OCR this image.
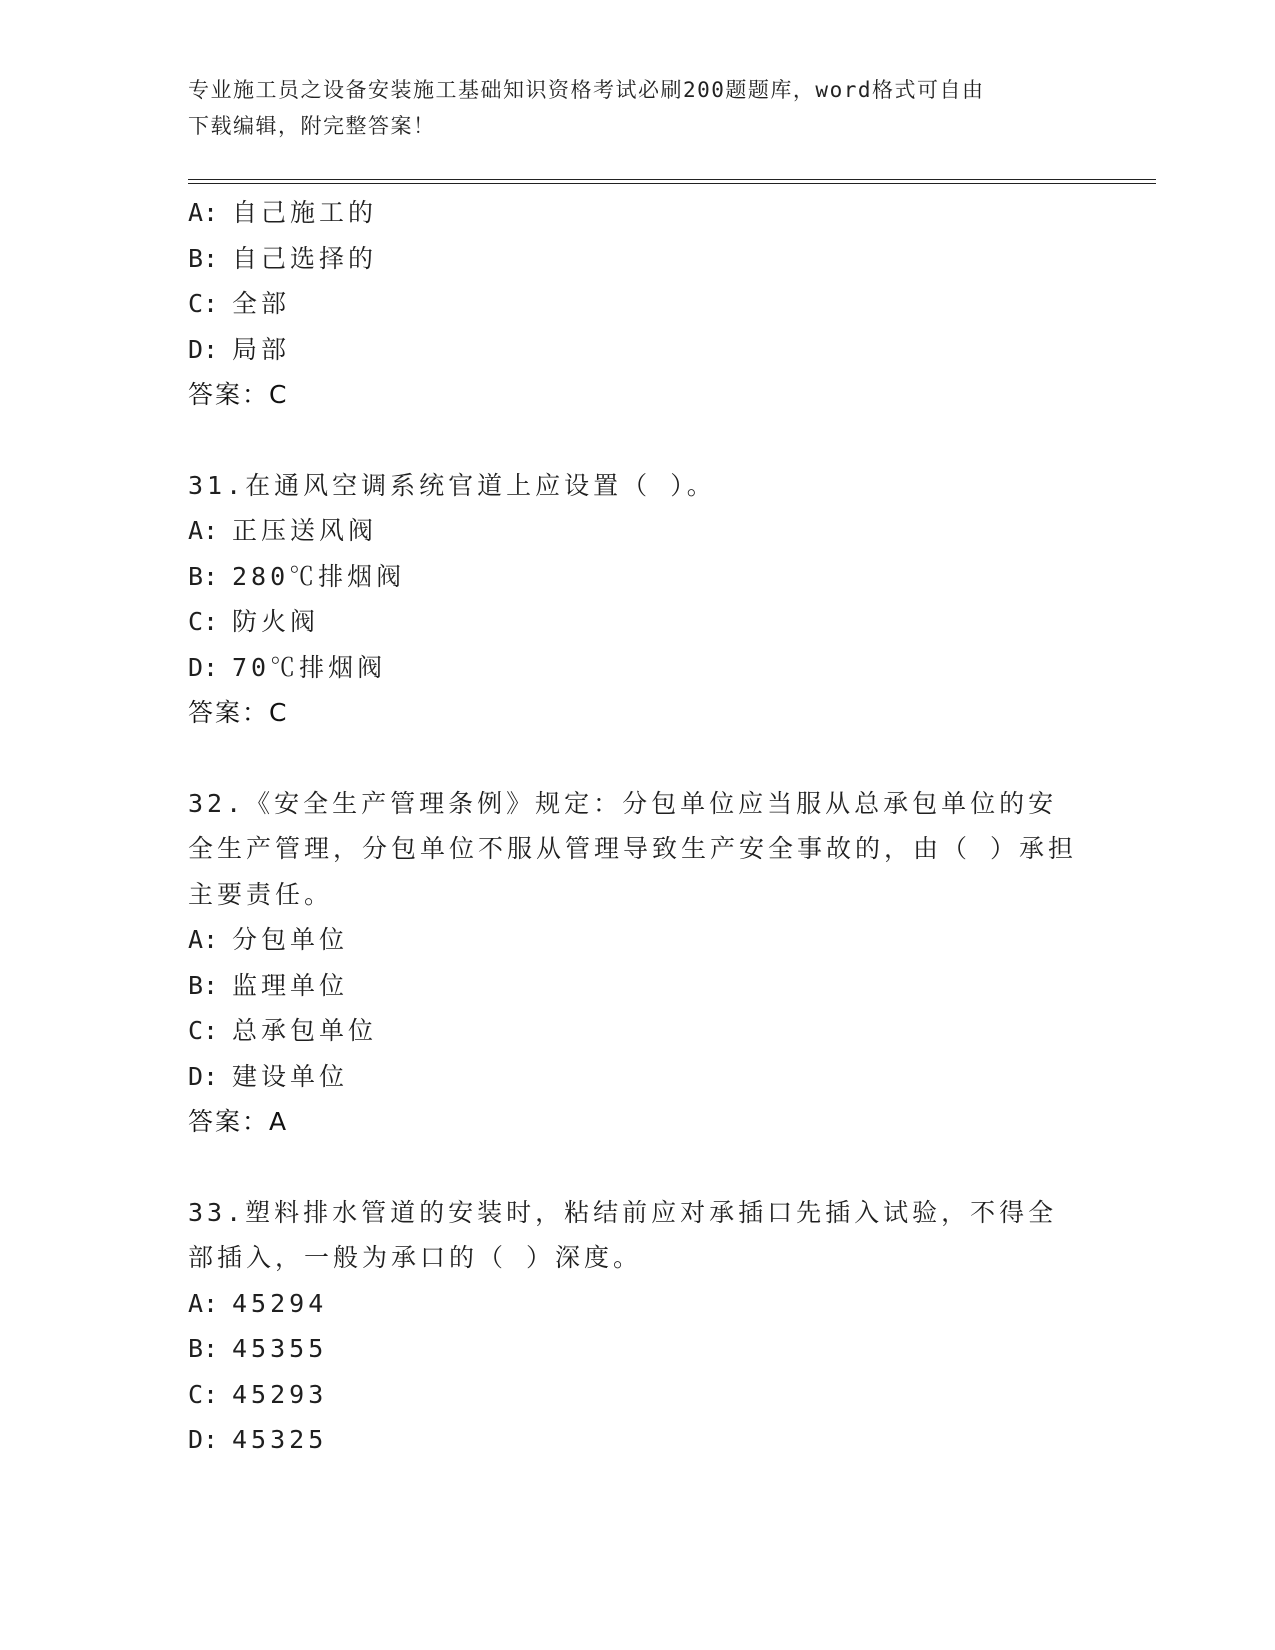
专业施工员之设备安装施工基础知识资格考试必刷200题题库，word格式可自由
下载编辑，附完整答案！
A: 自己施工的
B: 自己选择的
C: 全部
D: 局部
答案：C
31.在通风空调系统官道上应设置（ ）。
A: 正压送风阀
B: 280℃排烟阀
C: 防火阀
D: 70℃排烟阀
答案：C
32.《安全生产管理条例》规定：分包单位应当服从总承包单位的安全生产管理，分包单位不服从管理导致生产安全事故的，由（ ）承担主要责任。
A: 分包单位
B: 监理单位
C: 总承包单位
D: 建设单位
答案：A
33.塑料排水管道的安装时，粘结前应对承插口先插入试验，不得全部插入，一般为承口的（ ）深度。
A: 45294
B: 45355
C: 45293
D: 45325
